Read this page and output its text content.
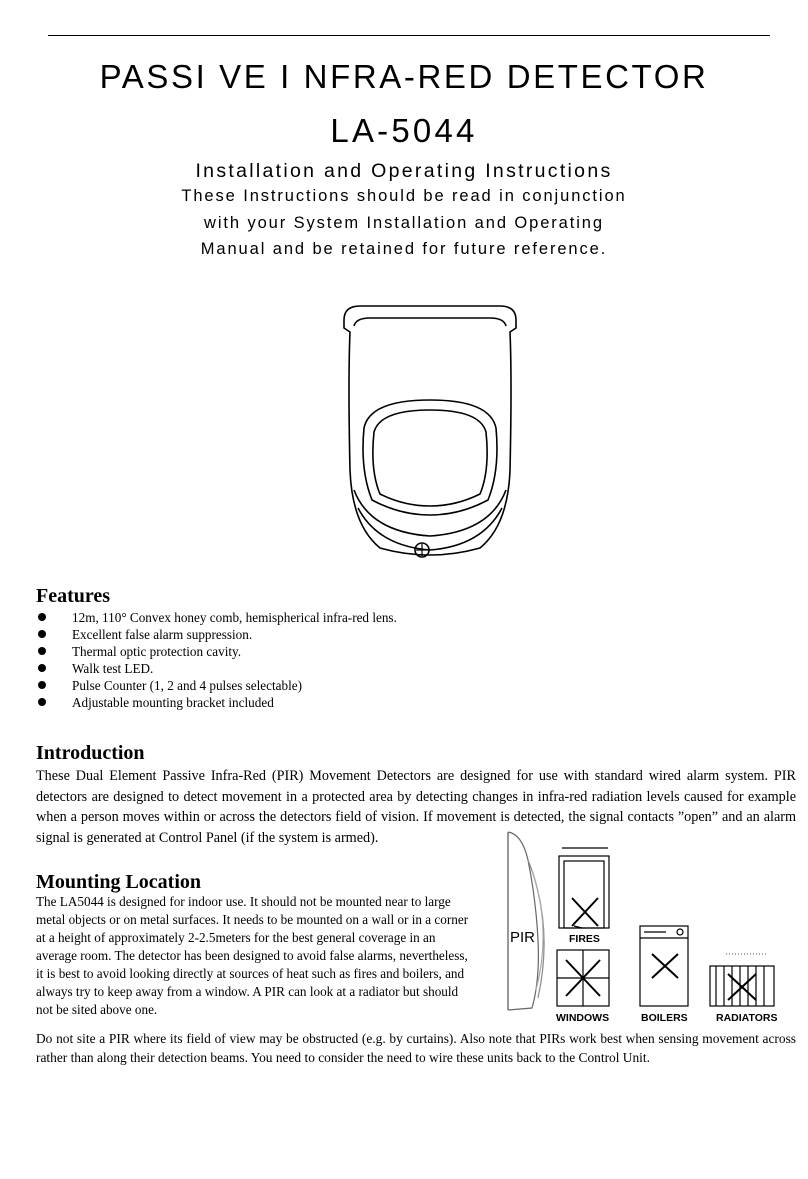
PASSI VE I NFRA-RED DETECTOR
LA-5044
Installation and Operating Instructions

These Instructions should be read in conjunction

with your System Installation and Operating

Manual and be retained for future reference.

Features
12m, 110° Convex honey comb, hemispherical infra-red lens.
Excellent false alarm suppression.
Thermal optic protection cavity.
Walk test LED.
Pulse Counter (1, 2 and 4 pulses selectable)
Adjustable mounting bracket included
Introduction

These Dual Element Passive Infra-Red (PIR) Movement Detectors are designed for use with standard wired alarm system. PIR detectors are designed to detect movement in a protected area by detecting changes in infra-red radiation levels caused for example when a person moves within or across the detectors field of vision. If movement is detected, the signal contacts ”open” and an alarm signal is generated at Control Panel (if the system is armed).

Mounting Location

The LA5044 is designed for indoor use. It should not be mounted near to large metal objects or on metal surfaces. It needs to be mounted on a wall or in a corner at a height of approximately 2-2.5meters for the best general coverage in an average room. The detector has been designed to avoid false alarms, nevertheless, it is best to avoid looking directly at sources of heat such as fires and boilers, and always try to keep away from a window. A PIR can look at a radiator but should not be sited above one.

PIR	FIRES
WINDOWS	BOILERS	RADIATORS

Do not site a PIR where its field of view may be obstructed (e.g. by curtains). Also note that PIRs work best when sensing movement across rather than along their detection beams. You need to consider the need to wire these units back to the Control Unit.
